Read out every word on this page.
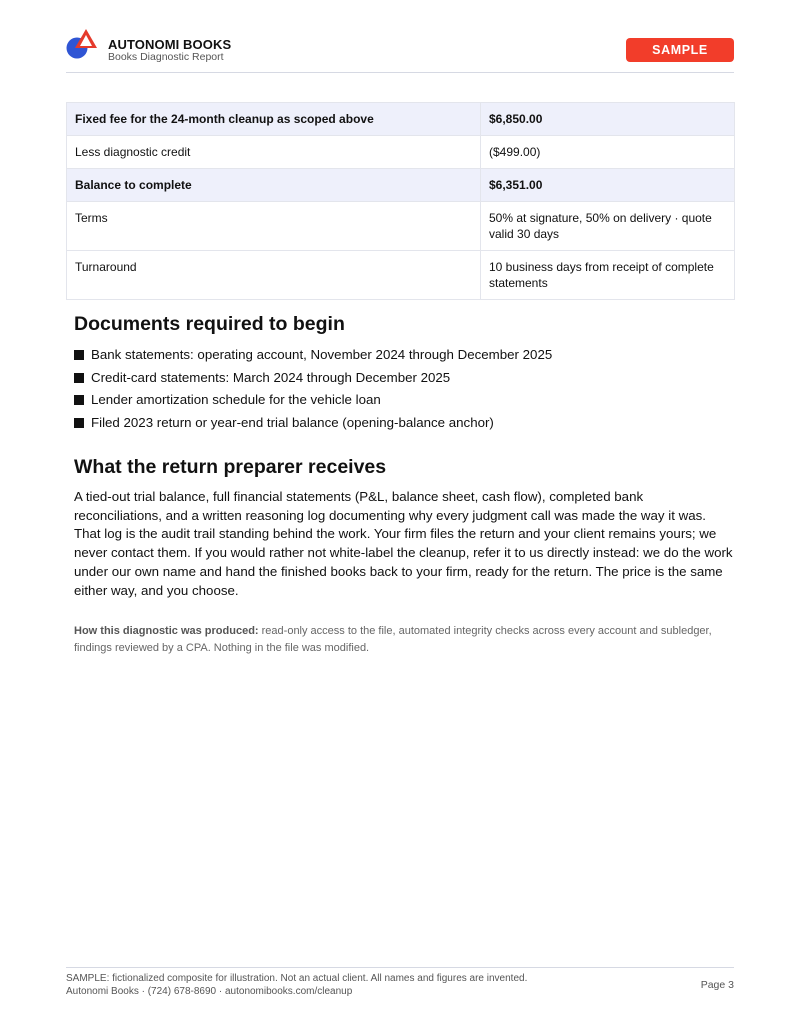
AUTONOMI BOOKS
Books Diagnostic Report	SAMPLE
Fixed fee for the 24-month cleanup as scoped above	$6,850.00
Less diagnostic credit	($499.00)
Balance to complete	$6,351.00
Terms	50% at signature, 50% on delivery · quote valid 30 days
Turnaround	10 business days from receipt of complete statements
Documents required to begin
Bank statements: operating account, November 2024 through December 2025
Credit-card statements: March 2024 through December 2025
Lender amortization schedule for the vehicle loan
Filed 2023 return or year-end trial balance (opening-balance anchor)
What the return preparer receives

A tied-out trial balance, full financial statements (P&L, balance sheet, cash flow), completed bank reconciliations, and a written reasoning log documenting why every judgment call was made the way it was. That log is the audit trail standing behind the work. Your firm files the return and your client remains yours; we never contact them. If you would rather not white-label the cleanup, refer it to us directly instead: we do the work under our own name and hand the finished books back to your firm, ready for the return. The price is the same either way, and you choose.

How this diagnostic was produced: read-only access to the file, automated integrity checks across every account and subledger, findings reviewed by a CPA. Nothing in the file was modified.

SAMPLE: fictionalized composite for illustration. Not an actual client. All names and figures are invented.
Autonomi Books · (724) 678-8690 · autonomibooks.com/cleanup
Page 3
